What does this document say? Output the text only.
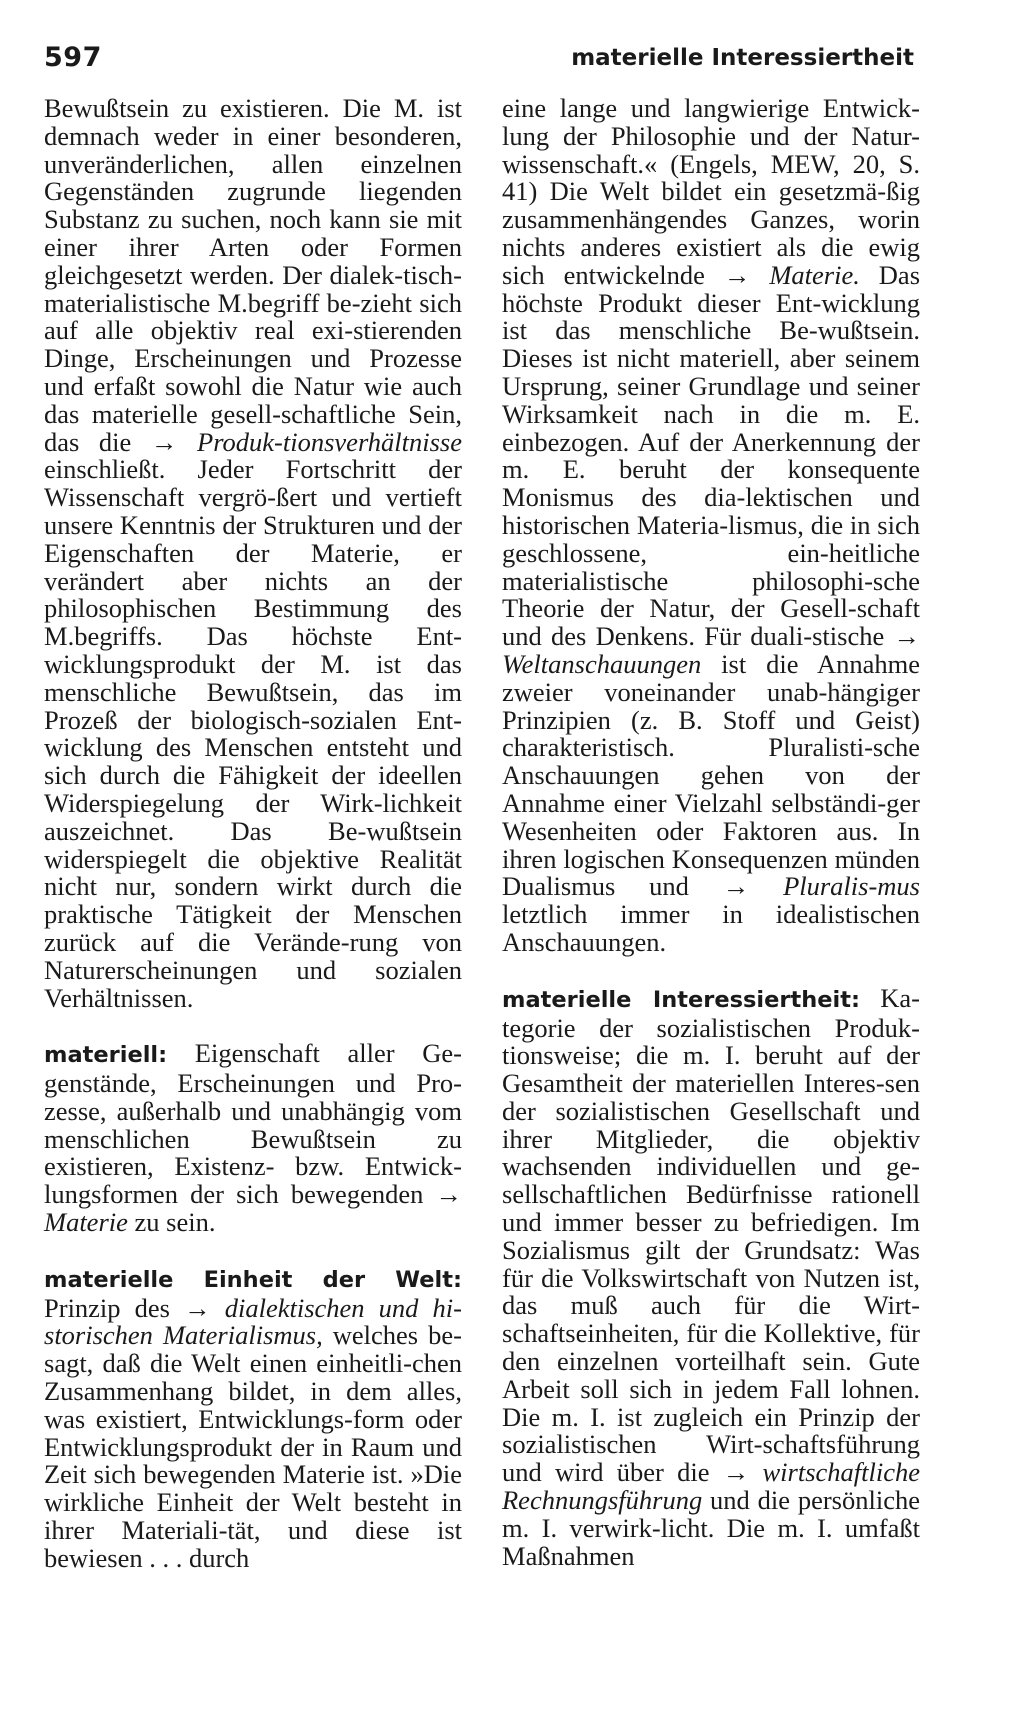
597	materielle Interessiertheit

Bewußtsein zu existieren. Die M. ist demnach weder in einer besonderen, unveränderlichen, allen einzelnen Gegenständen zugrunde liegenden Substanz zu suchen, noch kann sie mit einer ihrer Arten oder Formen gleichgesetzt werden. Der dialek-tisch-materialistische M.begriff be-zieht sich auf alle objektiv real exi-stierenden Dinge, Erscheinungen und Prozesse und erfaßt sowohl die Natur wie auch das materielle gesell-schaftliche Sein, das die → Produk-tionsverhältnisse einschließt. Jeder Fortschritt der Wissenschaft vergrö-ßert und vertieft unsere Kenntnis der Strukturen und der Eigenschaften der Materie, er verändert aber nichts an der philosophischen Bestimmung des M.begriffs. Das höchste Ent-wicklungsprodukt der M. ist das menschliche Bewußtsein, das im Prozeß der biologisch-sozialen Ent-wicklung des Menschen entsteht und sich durch die Fähigkeit der ideellen Widerspiegelung der Wirk-lichkeit auszeichnet. Das Be-wußtsein widerspiegelt die objektive Realität nicht nur, sondern wirkt durch die praktische Tätigkeit der Menschen zurück auf die Verände-rung von Naturerscheinungen und sozialen Verhältnissen.

materiell: Eigenschaft aller Ge-genstände, Erscheinungen und Pro-zesse, außerhalb und unabhängig vom menschlichen Bewußtsein zu existieren, Existenz- bzw. Entwick-lungsformen der sich bewegenden → Materie zu sein.

materielle Einheit der Welt: Prinzip des → dialektischen und hi-storischen Materialismus, welches be-sagt, daß die Welt einen einheitli-chen Zusammenhang bildet, in dem alles, was existiert, Entwicklungs-form oder Entwicklungsprodukt der in Raum und Zeit sich bewegenden Materie ist. »Die wirkliche Einheit der Welt besteht in ihrer Materiali-tät, und diese ist bewiesen . . . durch

eine lange und langwierige Entwick-lung der Philosophie und der Natur-wissenschaft.« (Engels, MEW, 20, S. 41) Die Welt bildet ein gesetzmä-ßig zusammenhängendes Ganzes, worin nichts anderes existiert als die ewig sich entwickelnde → Materie. Das höchste Produkt dieser Ent-wicklung ist das menschliche Be-wußtsein. Dieses ist nicht materiell, aber seinem Ursprung, seiner Grundlage und seiner Wirksamkeit nach in die m. E. einbezogen. Auf der Anerkennung der m. E. beruht der konsequente Monismus des dia-lektischen und historischen Materia-lismus, die in sich geschlossene, ein-heitliche materialistische philosophi-sche Theorie der Natur, der Gesell-schaft und des Denkens. Für duali-stische → Weltanschauungen ist die Annahme zweier voneinander unab-hängiger Prinzipien (z. B. Stoff und Geist) charakteristisch. Pluralisti-sche Anschauungen gehen von der Annahme einer Vielzahl selbständi-ger Wesenheiten oder Faktoren aus. In ihren logischen Konsequenzen münden Dualismus und → Pluralis-mus letztlich immer in idealistischen Anschauungen.

materielle Interessiertheit: Ka-tegorie der sozialistischen Produk-tionsweise; die m. I. beruht auf der Gesamtheit der materiellen Interes-sen der sozialistischen Gesellschaft und ihrer Mitglieder, die objektiv wachsenden individuellen und ge-sellschaftlichen Bedürfnisse rationell und immer besser zu befriedigen. Im Sozialismus gilt der Grundsatz: Was für die Volkswirtschaft von Nutzen ist, das muß auch für die Wirt-schaftseinheiten, für die Kollektive, für den einzelnen vorteilhaft sein. Gute Arbeit soll sich in jedem Fall lohnen. Die m. I. ist zugleich ein Prinzip der sozialistischen Wirt-schaftsführung und wird über die → wirtschaftliche Rechnungsführung und die persönliche m. I. verwirk-licht. Die m. I. umfaßt Maßnahmen
